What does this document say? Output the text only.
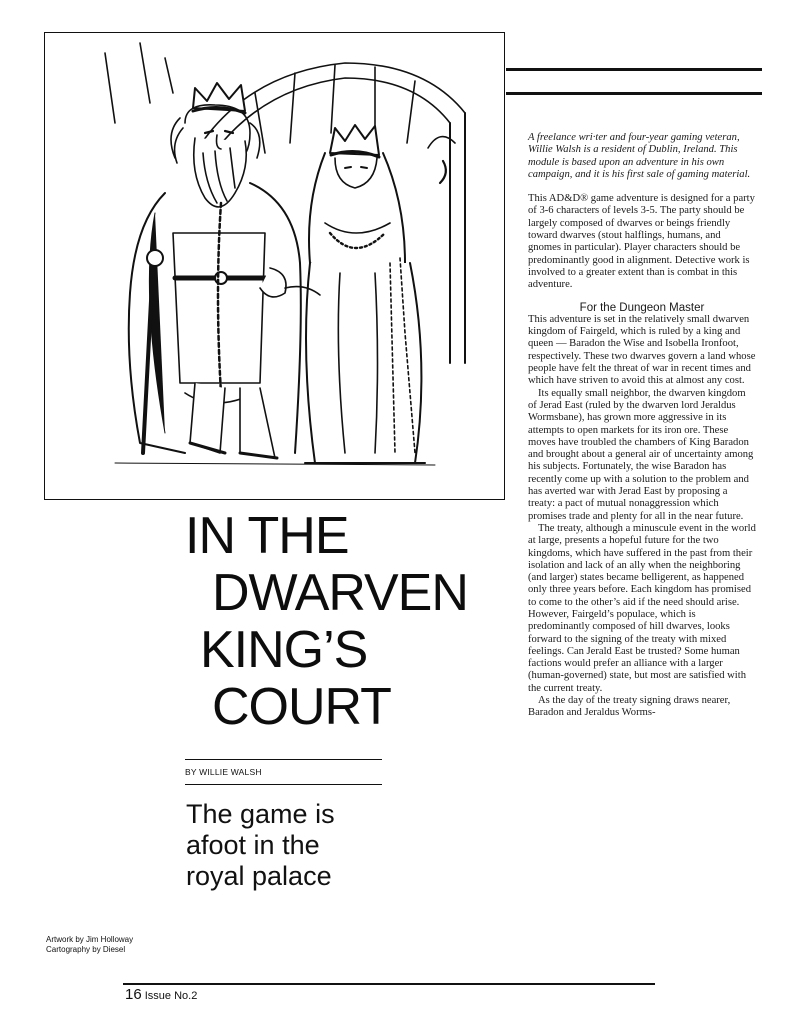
A freelance wri·ter and four-year gaming veteran, Willie Walsh is a resident of Dublin, Ireland. This module is based upon an adventure in his own campaign, and it is his first sale of gaming material.

This AD&D® game adventure is designed for a party of 3-6 characters of levels 3-5. The party should be largely composed of dwarves or beings friendly toward dwarves (stout halflings, humans, and gnomes in particular). Player characters should be predominantly good in alignment. Detective work is involved to a greater extent than is combat in this adventure.

For the Dungeon Master

This adventure is set in the relatively small dwarven kingdom of Fairgeld, which is ruled by a king and queen — Baradon the Wise and Isobella Ironfoot, respectively. These two dwarves govern a land whose people have felt the threat of war in recent times and which have striven to avoid this at almost any cost.

Its equally small neighbor, the dwarven kingdom of Jerad East (ruled by the dwarven lord Jeraldus Wormsbane), has grown more aggressive in its attempts to open markets for its iron ore. These moves have troubled the chambers of King Baradon and brought about a general air of uncertainty among his subjects. Fortunately, the wise Baradon has recently come up with a solution to the problem and has averted war with Jerad East by proposing a treaty: a pact of mutual nonaggression which promises trade and plenty for all in the near future.

The treaty, although a minuscule event in the world at large, presents a hopeful future for the two kingdoms, which have suffered in the past from their isolation and lack of an ally when the neighboring (and larger) states became belligerent, as happened only three years before. Each kingdom has promised to come to the other’s aid if the need should arise. However, Fairgeld’s populace, which is predominantly composed of hill dwarves, looks forward to the signing of the treaty with mixed feelings. Can Jerald East be trusted? Some human factions would prefer an alliance with a larger (human-governed) state, but most are satisfied with the current treaty.

As the day of the treaty signing draws nearer, Baradon and Jeraldus Worms-

IN THE
DWARVEN
KING’S
COURT
BY WILLIE WALSH
The game is
afoot in the
royal palace
Artwork by Jim Holloway
Cartography by Diesel
16 Issue No.2
